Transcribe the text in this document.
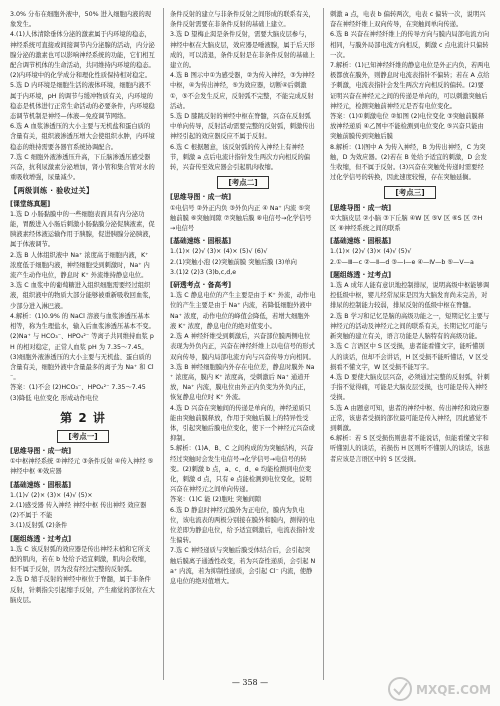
3.0% 分布在细胞外液中，50% 进入细胞内液的现象发生。

4.(1)人体清除垂体分泌的激素属于内环境的稳态，神经系统可直接或间接调节内分泌腺的活动，内分泌腺分泌的激素也可以影响神经系统的功能，它们相互配合调节机体的生命活动，共同维持内环境的稳态。

(2)内环境中的化学成分和理化性质保持相对稳定。

5.选 D 内环境是细胞生活的液体环境，细胞内液不属于内环境，pH 的调节与缓冲物质有关，内环境的稳态是机体进行正常生命活动的必要条件，内环境稳态调节机制是神经—体液—免疫调节网络。

6.选 A 血浆渗透压的大小主要与无机盐和蛋白质的含量有关，组织液渗透压增大会使组织水肿，内环境稳态的维持需要各器官系统协调配合。

7.选 C 细胞外液渗透压升高，下丘脑渗透压感受器兴奋，抗利尿激素分泌增加，肾小管和集合管对水的重吸收增强，尿量减少。

【两级训练 · 验收过关】
[ 课堂练真题 ]

1.选 D 小肠黏膜中的一些细胞表面具有内分泌功能，胃酸进入小肠后刺激小肠黏膜分泌促胰液素，促胰液素经体液运输作用于胰腺，促进胰腺分泌胰液，属于体液调节。

2.选 B 人体组织液中 Na⁺ 浓度高于细胞内液，K⁺ 浓度低于细胞内液，神经细胞受到刺激时，Na⁺ 内流产生动作电位，静息时 K⁺ 外流维持静息电位。

3.选 C 血浆中的葡萄糖进入组织细胞需要经过组织液，组织液中的物质大部分能够被重新吸收回血浆，少部分进入淋巴液。

4.解析：(1)0.9% 的 NaCl 溶液与血浆渗透压基本相等，称为生理盐水，输入后血浆渗透压基本不变。(2)Na⁺ 与 HCO₃⁻、HPO₄²⁻ 等离子共同维持血浆 pH 的相对稳定，正常人血浆 pH 为 7.35～7.45。(3)细胞外液渗透压的大小主要与无机盐、蛋白质的含量有关，细胞外液中含量最多的离子为 Na⁺ 和 Cl⁻。

答案：(1)不会 (2)HCO₃⁻、HPO₄²⁻ 7.35～7.45 (3)降低 电位变化 形成动作电位

第 2 讲
[考点一]
[ 思维导图 · 成一统 ]

①中枢神经系统 ②神经元 ③条件反射 ④传入神经 ⑤神经中枢 ⑥效应器

[ 基础速练 · 固根基 ]

1.(1)√ (2)× (3)× (4)√ (5)×

2.(1)感受器 传入神经 神经中枢 传出神经 效应器 (2)不属于 不能

3.(1)反射弧 (2)条件

[ 题组练透 · 过考点 ]

1.选 C 该反射弧的效应器是传出神经末梢和它所支配的肌肉，若在 b 处给予适宜刺激，肌肉会收缩，但不属于反射，因为没有经过完整的反射弧。

2.选 D 缩手反射的神经中枢位于脊髓，属于非条件反射，针刺指尖引起缩手反射，产生痛觉的部位在大脑皮层。

条件反射的建立与非条件反射之间形成的联系有关，条件反射需要在非条件反射的基础上建立。

3.选 D 望梅止渴是条件反射，需要大脑皮层参与，神经中枢在大脑皮层，效应器是唾液腺，属于后天形成的，可以消退，条件反射是在非条件反射的基础上建立的。

4.选 B 图示中①为感受器，②为传入神经，③为神经中枢，④为传出神经，⑤为效应器，切断④后刺激①，⑤不会发生反应，反射弧不完整，不能完成反射活动。

5.选 D 膝跳反射的神经中枢在脊髓，兴奋在反射弧中单向传导，反射活动需要完整的反射弧，刺激传出神经引起的效应器反应不属于反射。

6.选 C 根据题意，该反射弧的传入神经上有神经节，刺激 a 点后电流计指针发生两次方向相反的偏转，兴奋传至效应器会引起肌肉收缩。

[考点二]
[ 思维导图 · 成一统 ]

①电信号 ②外正内负 ③外负内正 ④ Na⁺ 内流 ⑤突触前膜 ⑥突触间隙 ⑦突触后膜 ⑧电信号→化学信号→电信号

[ 基础速练 · 固根基 ]

1.(1)× (2)√ (3)× (4)× (5)√ (6)√

2.(1)突触小泡 (2)突触前膜 突触后膜 (3)单向

3.(1)2 (2)3 (3)b,c,d,e

[ 研透考点 · 备高考 ]

1.选 C 静息电位的产生主要是由于 K⁺ 外流，动作电位的产生主要是由于 Na⁺ 内流，若降低细胞外液中 Na⁺ 浓度，动作电位的峰值会降低，若增大细胞外液 K⁺ 浓度，静息电位的绝对值变小。

2.选 A 神经纤维受到刺激后，兴奋部位膜两侧电位表现为外负内正，兴奋在神经纤维上以电信号的形式双向传导，膜内局部电流方向与兴奋传导方向相同。

3.选 B 神经细胞膜内外存在电位差，静息时膜外 Na⁺ 浓度高，膜内 K⁺ 浓度高，受刺激后 Na⁺ 通道开放，Na⁺ 内流，膜电位由外正内负变为外负内正，恢复静息电位时 K⁺ 外流。

4.选 D 兴奋在突触间的传递是单向的，神经递质只能由突触前膜释放，作用于突触后膜上的特异性受体，引起突触后膜电位变化，使下一个神经元兴奋或抑制。

5.解析：(1)A、B、C 之间构成的为突触结构，兴奋经过突触时会发生电信号→化学信号→电信号的转变。(2)刺激 b 点，a、c、d、e 均能检测到电位变化，刺激 d 点，只有 e 点能检测到电位变化，说明兴奋在神经元之间单向传递。

答案：(1)C 能 (2)胞吐 突触间隙

6.选 D 静息时神经元膜外为正电位，膜内为负电位，该电流表的两极分别接在膜外和膜内，测得的电位差即为静息电位，给予适宜刺激后，电流表指针发生偏转。

7.选 C 神经递质与突触后膜受体结合后，会引起突触后膜离子通透性改变，若为兴奋性递质，会引起 Na⁺ 内流，若为抑制性递质，会引起 Cl⁻ 内流，使静息电位的绝对值增大。

刺激 a 点，电表 b 偏转两次，电表 c 偏转一次，说明兴奋在神经纤维上双向传导，在突触间单向传递。

6.选 B 兴奋在神经纤维上的传导方向与膜内局部电流方向相同，与膜外局部电流方向相反，刺激 c 点电流计只偏转一次。

7.解析：(1)已知神经纤维的静息电位是外正内负，若两电极都放在膜外，则静息时电流表指针不偏转；若在 A 点给予刺激，电流表指针会发生两次方向相反的偏转。(2)要证明兴奋在神经元之间的传递是单向的，可以刺激突触后神经元，检测突触前神经元是否有电位变化。

答案：(1)①刺激电位 ②如图 (2)电位变化 ③突触前膜释放神经递质 ④乙图中不能检测到电位变化 ⑤兴奋只能由突触前膜传到突触后膜

8.解析：(1)图中 A 为传入神经，B 为传出神经，C 为突触，D 为效应器。(2)若在 B 处给予适宜的刺激，D 会发生收缩，但不属于反射。(3)兴奋在突触处传递时需要经过化学信号的转换，因此速度较慢，存在突触延搁。

[考点三]
[ 思维导图 · 成一统 ]

①大脑皮层 ②小脑 ③下丘脑 ④W 区 ⑤V 区 ⑥S 区 ⑦H 区 ⑧神经系统之间的联系

[ 基础速练 · 固根基 ]

1.(1)× (2)√ (3)× (4)√ (5)√

2.①—Ⅲ—c ②—Ⅱ—d ③—Ⅰ—e ④—Ⅳ—b ⑤—Ⅴ—a

[ 题组练透 · 过考点 ]

1.选 A 成年人能有意识地控制排尿，说明高级中枢能够调控低级中枢，婴儿经常尿床是因为大脑发育尚未完善，对排尿的控制能力较弱，排尿反射的低级中枢在脊髓。

2.选 B 学习和记忆是脑的高级功能之一，短期记忆主要与神经元的活动及神经元之间的联系有关，长期记忆可能与新突触的建立有关，语言功能是人脑特有的高级功能。

3.选 C 言语区中 S 区受损，患者能看懂文字，能听懂别人的谈话，但却不会讲话，H 区受损不能听懂话，V 区受损看不懂文字，W 区受损不能写字。

4.选 D 要使大脑皮层兴奋，必须通过完整的反射弧，针刺手指不觉得痛，可能是大脑皮层受损，也可能是传入神经受损。

5.选 A 由题意可知，患者的神经中枢、传出神经和效应器正常，该患者受损的部位最可能是传入神经，因此感觉不到刺激。

6.解析：若 S 区受损伤则患者不能说话，但能看懂文字和听懂别人的谈话，若损伤 H 区则听不懂别人的谈话，该患者应该是言语区中的 S 区受损。

— 358 —
MXQE.COM
